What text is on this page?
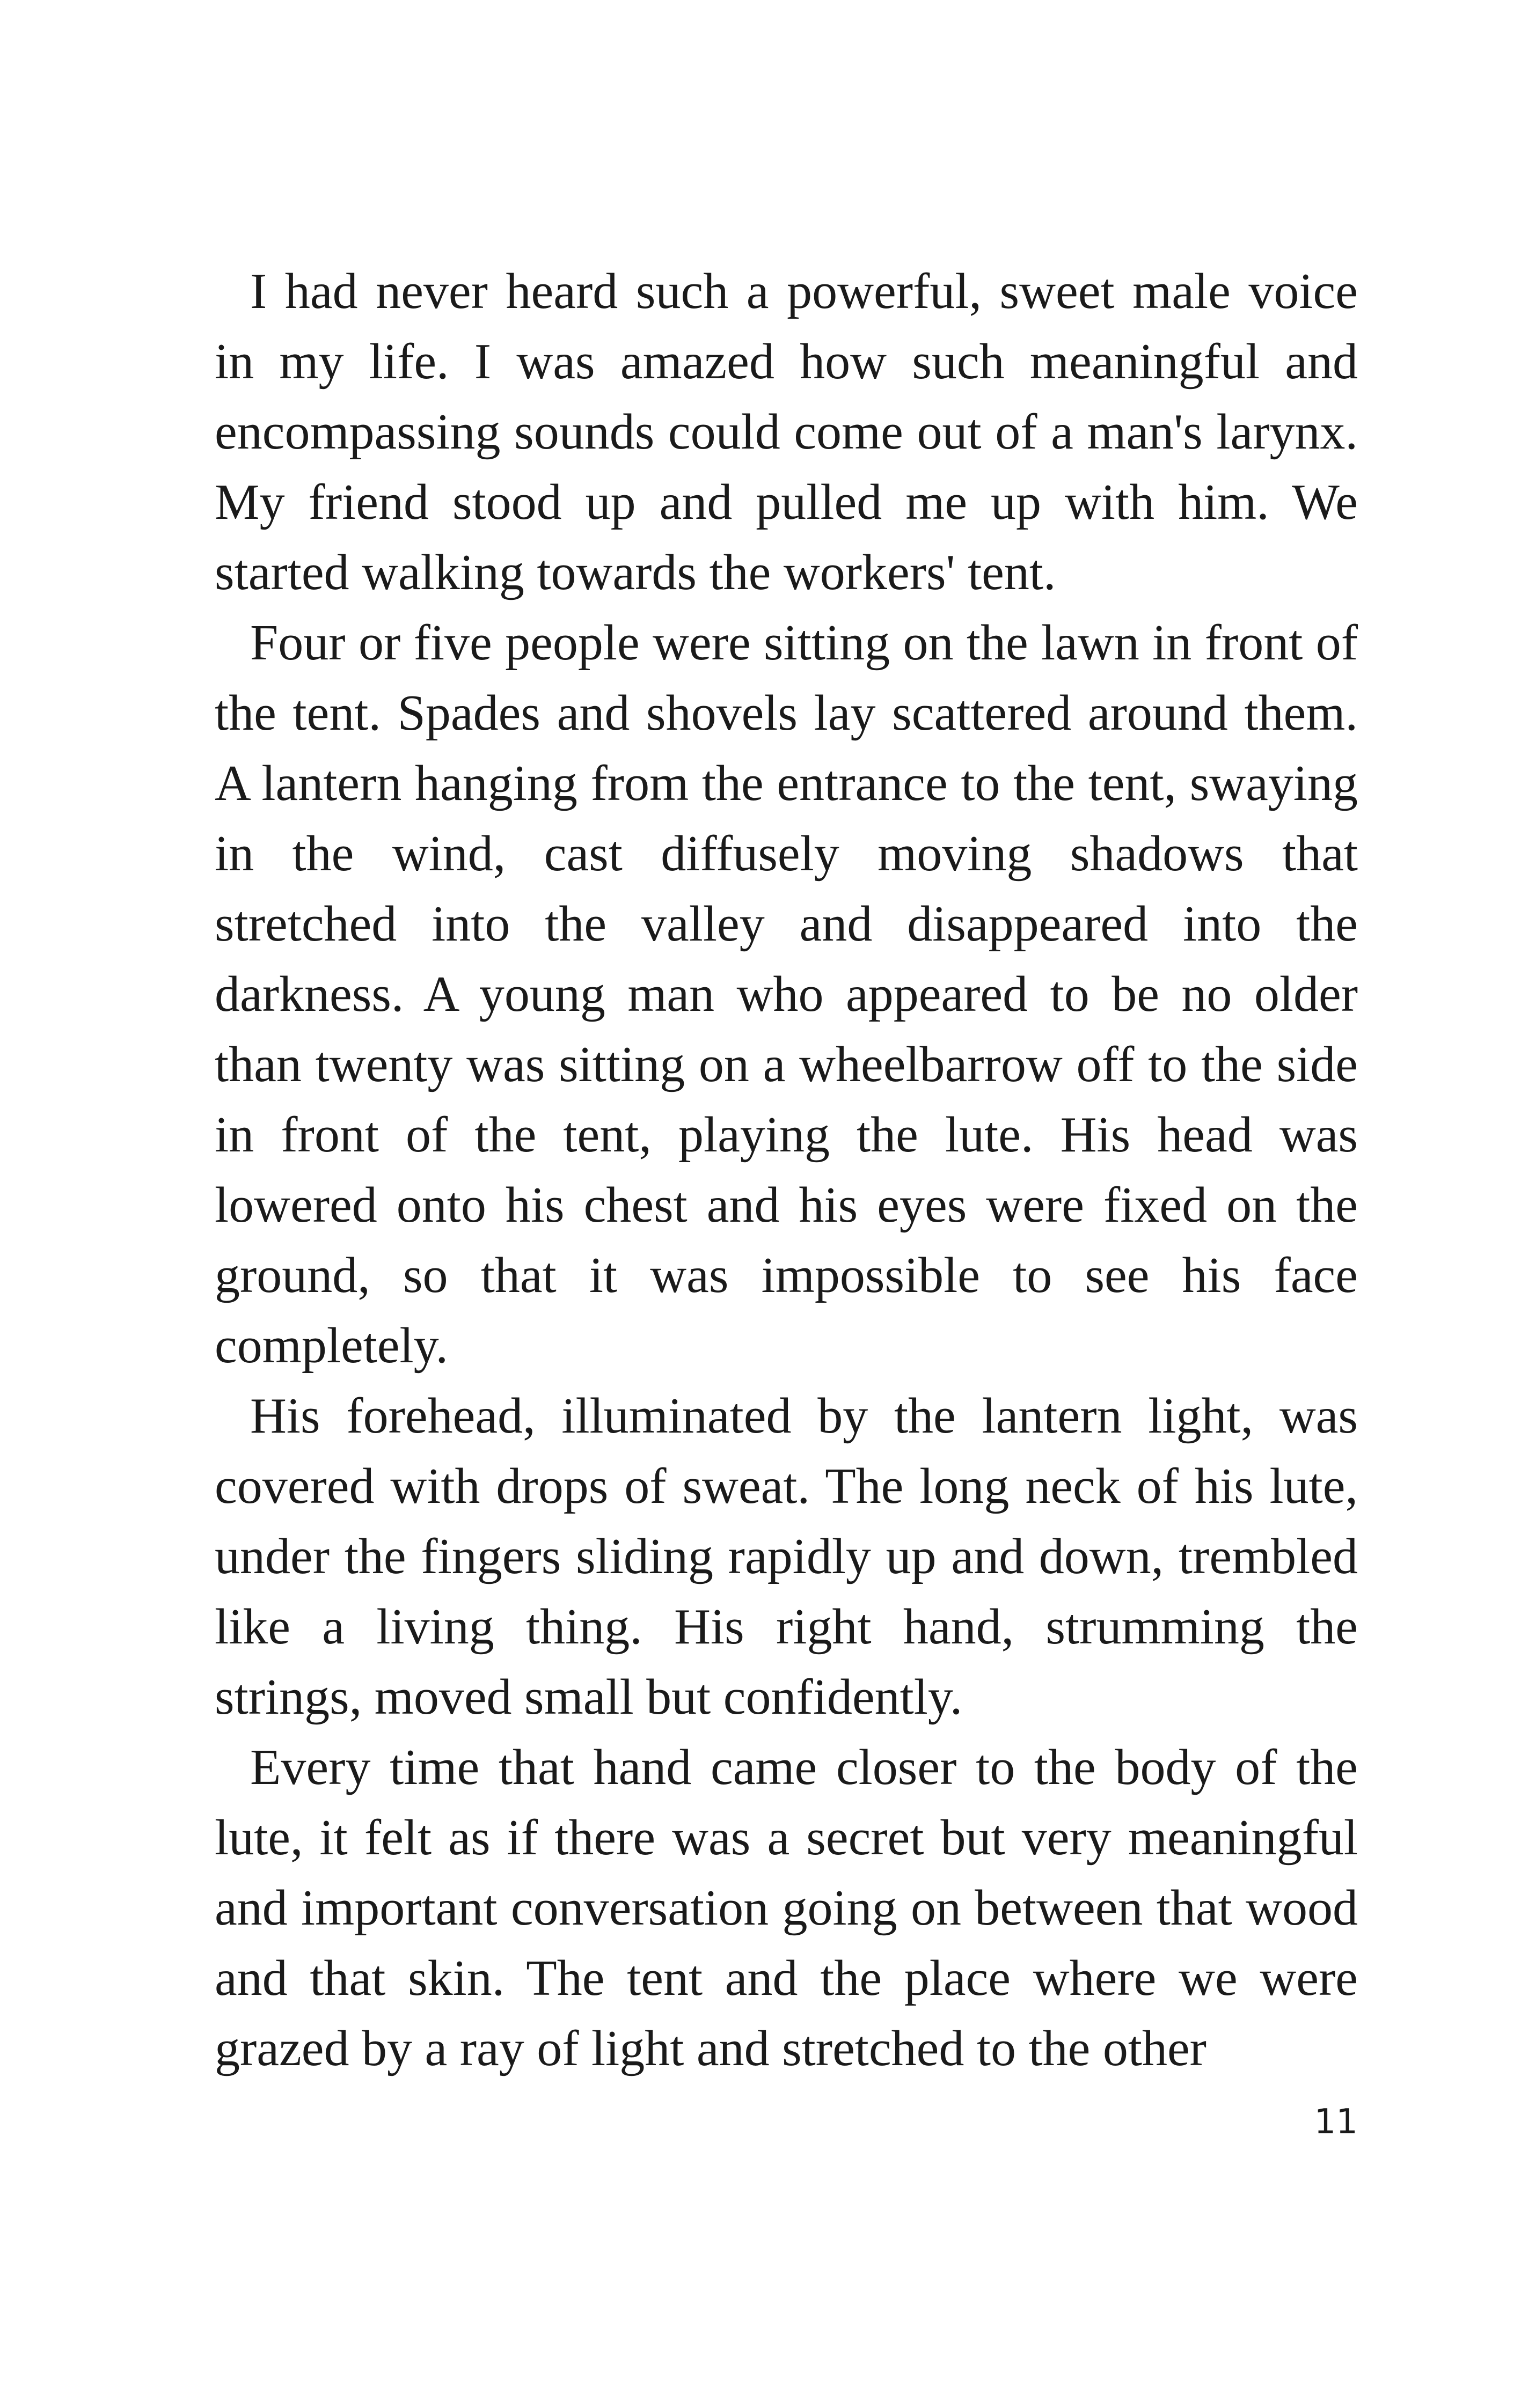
I had never heard such a powerful, sweet male voice in my life. I was amazed how such meaningful and encompassing sounds could come out of a man's larynx. My friend stood up and pulled me up with him. We started walking towards the workers' tent.

Four or five people were sitting on the lawn in front of the tent. Spades and shovels lay scattered around them. A lantern hanging from the entrance to the tent, swaying in the wind, cast diffusely moving shadows that stretched into the valley and disappeared into the darkness. A young man who appeared to be no older than twenty was sitting on a wheelbarrow off to the side in front of the tent, playing the lute. His head was lowered onto his chest and his eyes were fixed on the ground, so that it was impossible to see his face completely.

His forehead, illuminated by the lantern light, was covered with drops of sweat. The long neck of his lute, under the fingers sliding rapidly up and down, trembled like a living thing. His right hand, strumming the strings, moved small but confidently.

Every time that hand came closer to the body of the lute, it felt as if there was a secret but very meaningful and important conversation going on between that wood and that skin. The tent and the place where we were grazed by a ray of light and stretched to the other

11
